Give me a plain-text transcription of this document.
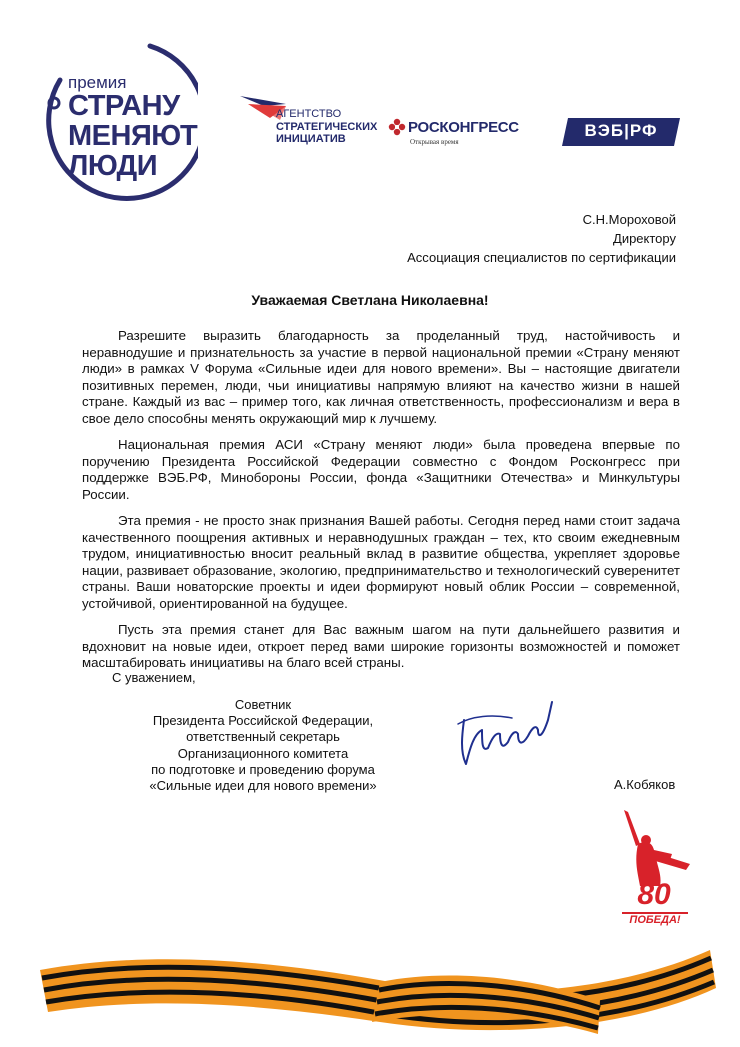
премия
СТРАНУ
МЕНЯЮТ
ЛЮДИ
АГЕНТСТВО
СТРАТЕГИЧЕСКИХ
ИНИЦИАТИВ
РОСКОНГРЕСС
Открывая время
ВЭБ|РФ
С.Н.Мороховой
Директору
Ассоциация специалистов по сертификации
Уважаемая Светлана Николаевна!

Разрешите выразить благодарность за проделанный труд, настойчивость и неравнодушие и признательность за участие в первой национальной премии «Страну меняют люди» в рамках V Форума «Сильные идеи для нового времени». Вы – настоящие двигатели позитивных перемен, люди, чьи инициативы напрямую влияют на качество жизни в нашей стране. Каждый из вас – пример того, как личная ответственность, профессионализм и вера в свое дело способны менять окружающий мир к лучшему.

Национальная премия АСИ «Страну меняют люди» была проведена впервые по поручению Президента Российской Федерации совместно с Фондом Росконгресс при поддержке ВЭБ.РФ, Минобороны России, фонда «Защитники Отечества» и Минкультуры России.

Эта премия - не просто знак признания Вашей работы. Сегодня перед нами стоит задача качественного поощрения активных и неравнодушных граждан – тех, кто своим ежедневным трудом, инициативностью вносит реальный вклад в развитие общества, укрепляет здоровье нации, развивает образование, экологию, предпринимательство и технологический суверенитет страны. Ваши новаторские проекты и идеи формируют новый облик России – современной, устойчивой, ориентированной на будущее.

Пусть эта премия станет для Вас важным шагом на пути дальнейшего развития и вдохновит на новые идеи, откроет перед вами широкие горизонты возможностей и поможет масштабировать инициативы на благо всей страны.

С уважением,
Советник
Президента Российской Федерации,
ответственный секретарь
Организационного комитета
по подготовке и проведению форума
«Сильные идеи для нового времени»	А.Кобяков
80
ПОБЕДА!
